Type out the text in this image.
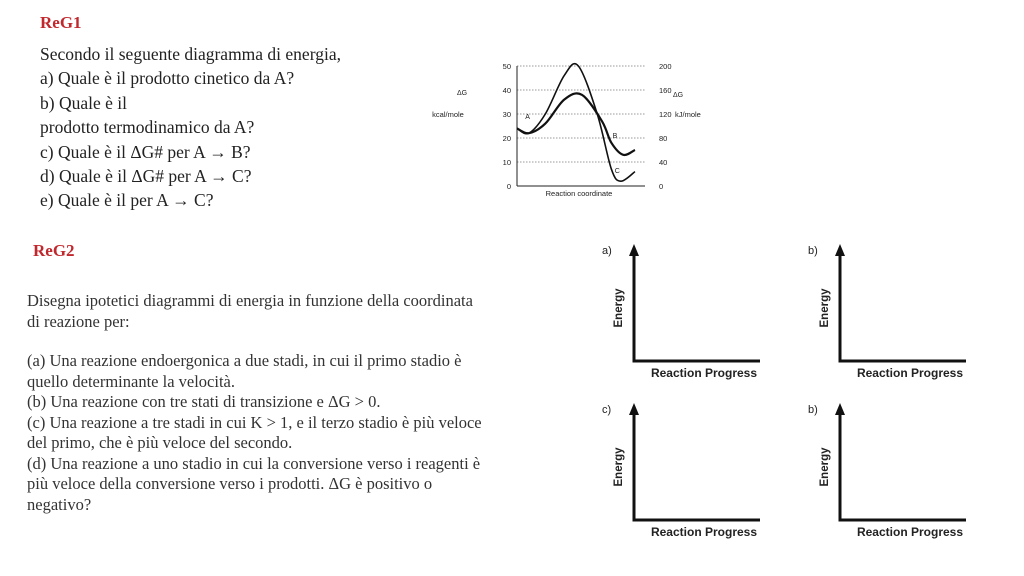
ReG1
Secondo il seguente diagramma di energia,
a) Quale è il prodotto cinetico da A?
b) Quale è il
prodotto termodinamico da A?
c) Quale è il ΔG# per A → B?
d) Quale è il ΔG# per A → C?
e) Quale è il per A → C?
0	0
10	40
20	80
30	120
40	160
50	200
Reaction coordinate
ΔG
kcal/mole
ΔG
kJ/mole
A
B
C
ReG2
Disegna ipotetici diagrammi di energia in funzione della coordinata
di reazione per:
(a) Una reazione endoergonica a due stadi, in cui il primo stadio è
quello determinante la velocità.
(b) Una reazione con tre stati di transizione e ΔG > 0.
(c) Una reazione a tre stadi in cui K > 1, e il terzo stadio è più veloce
del primo, che è più veloce del secondo.
(d) Una reazione a uno stadio in cui la conversione verso i reagenti è
più veloce della conversione verso i prodotti. ΔG è positivo o
negativo?
a)
Energy
Reaction Progress
b)
Energy
Reaction Progress
c)
Energy
Reaction Progress
b)
Energy
Reaction Progress
